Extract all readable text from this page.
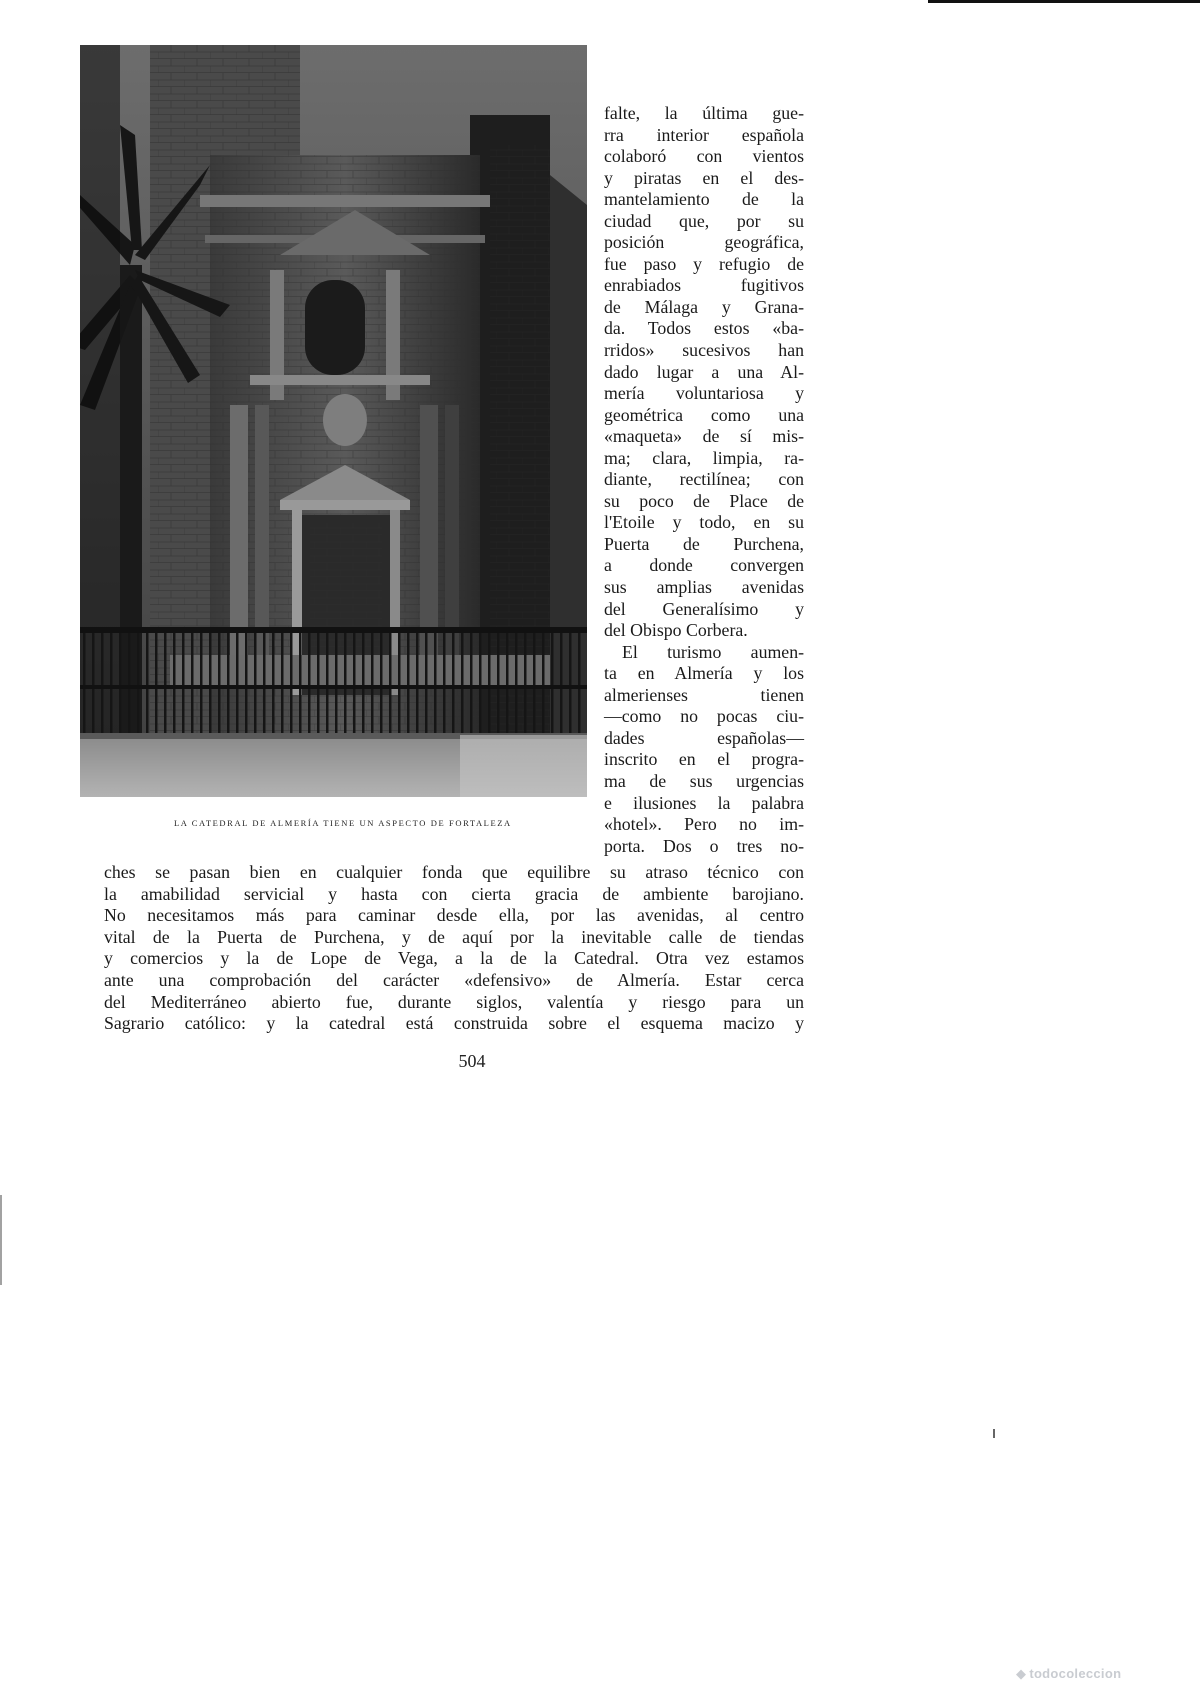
LA CATEDRAL DE ALMERÍA TIENE UN ASPECTO DE FORTALEZA

falte, la última gue-
rra interior española
colaboró con vientos
y piratas en el des-
mantelamiento de la
ciudad que, por su
posición geográfica,
fue paso y refugio de
enrabiados fugitivos
de Málaga y Grana-
da. Todos estos «ba-
rridos» sucesivos han
dado lugar a una Al-
mería voluntariosa y
geométrica como una
«maqueta» de sí mis-
ma; clara, limpia, ra-
diante, rectilínea; con
su poco de Place de
l'Etoile y todo, en su
Puerta de Purchena,
a donde convergen
sus amplias avenidas
del Generalísimo y
del Obispo Corbera.

El turismo aumen-
ta en Almería y los
almerienses tienen
—como no pocas ciu-
dades españolas—
inscrito en el progra-
ma de sus urgencias
e ilusiones la palabra
«hotel». Pero no im-
porta. Dos o tres no-

ches se pasan bien en cualquier fonda que equilibre su atraso técnico con
la amabilidad servicial y hasta con cierta gracia de ambiente barojiano.
No necesitamos más para caminar desde ella, por las avenidas, al centro
vital de la Puerta de Purchena, y de aquí por la inevitable calle de tiendas
y comercios y la de Lope de Vega, a la de la Catedral. Otra vez estamos
ante una comprobación del carácter «defensivo» de Almería. Estar cerca
del Mediterráneo abierto fue, durante siglos, valentía y riesgo para un
Sagrario católico: y la catedral está construida sobre el esquema macizo y
504
◆ todocoleccion
